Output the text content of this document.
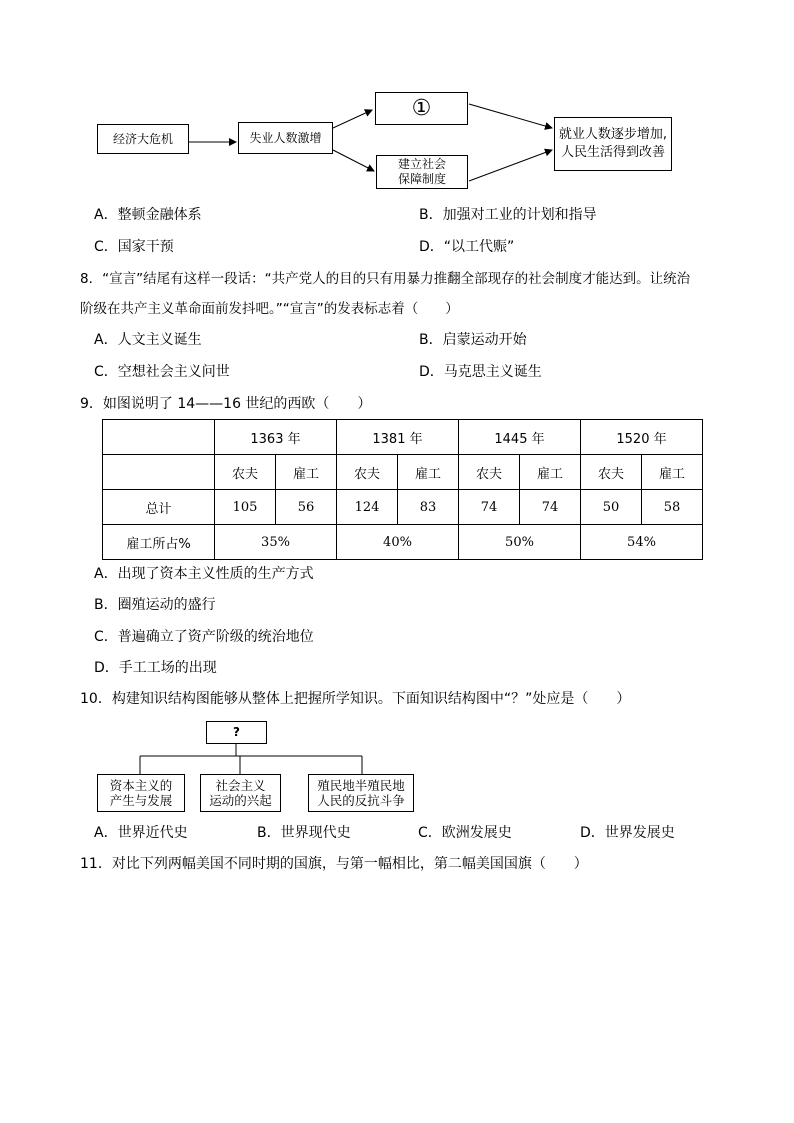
经济大危机	失业人数激增
①
建立社会
保障制度
就业人数逐步增加,
人民生活得到改善
A．整顿金融体系	B．加强对工业的计划和指导
C．国家干预	D．“以工代赈”
8．“宣言”结尾有这样一段话：“共产党人的目的只有用暴力推翻全部现存的社会制度才能达到。让统治
阶级在共产主义革命面前发抖吧。”“宣言”的发表标志着（　　）
A．人文主义诞生	B．启蒙运动开始
C．空想社会主义问世	D．马克思主义诞生
9．如图说明了 14——16 世纪的西欧（　　）
	1363 年		1381 年		1445 年		1520 年	
	农夫	雇工	农夫	雇工	农夫	雇工	农夫	雇工
总计	105	56	124	83	74	74	50	58
雇工所占%	35%		40%		50%		54%	
A．出现了资本主义性质的生产方式
B．圈殖运动的盛行
C．普遍确立了资产阶级的统治地位
D．手工工场的出现
10．构建知识结构图能够从整体上把握所学知识。下面知识结构图中“？”处应是（　　）
?
资本主义的
产生与发展
社会主义
运动的兴起
殖民地半殖民地
人民的反抗斗争
A．世界近代史	B．世界现代史	C．欧洲发展史	D．世界发展史
11．对比下列两幅美国不同时期的国旗，与第一幅相比，第二幅美国国旗（　　）
